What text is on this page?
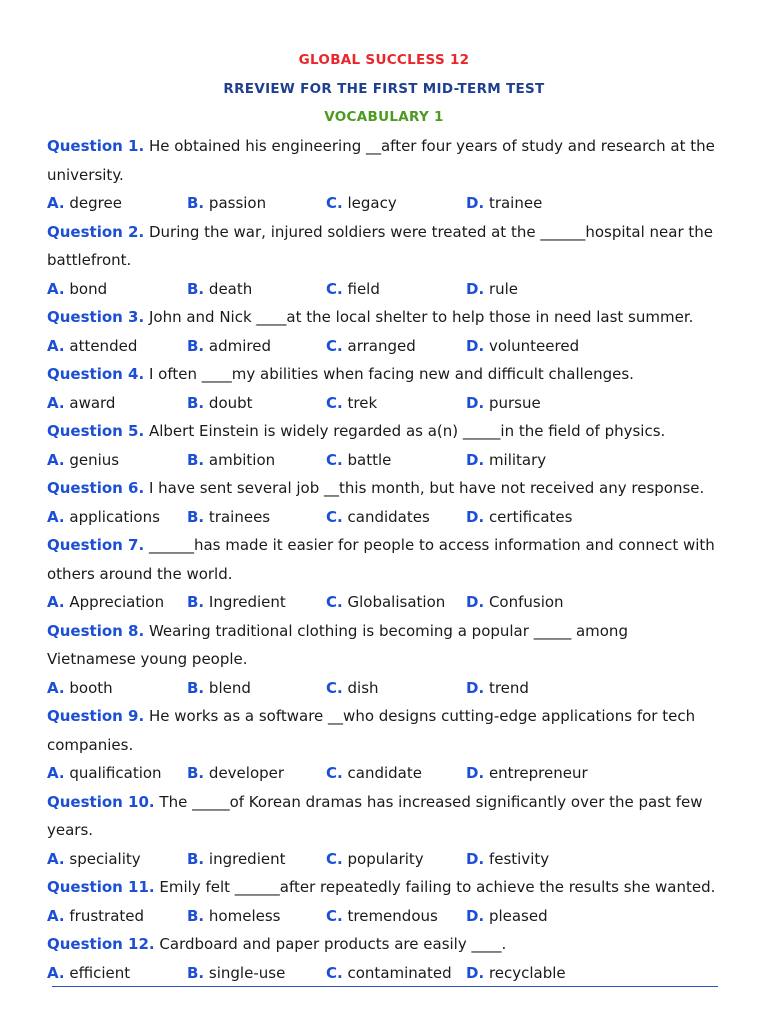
GLOBAL SUCCLESS 12
RREVIEW FOR THE FIRST MID-TERM TEST
VOCABULARY 1
Question 1. He obtained his engineering __after four years of study and research at the
university.
A. degree	B. passion	C. legacy	D. trainee
Question 2. During the war, injured soldiers were treated at the ______hospital near the
battlefront.
A. bond	B. death	C. field	D. rule
Question 3. John and Nick ____at the local shelter to help those in need last summer.
A. attended	B. admired	C. arranged	D. volunteered
Question 4. I often ____my abilities when facing new and difficult challenges.
A. award	B. doubt	C. trek	D. pursue
Question 5. Albert Einstein is widely regarded as a(n) _____in the field of physics.
A. genius	B. ambition	C. battle	D. military
Question 6. I have sent several job __this month, but have not received any response.
A. applications B. trainees	C. candidates D. certificates
Question 7. ______has made it easier for people to access information and connect with
others around the world.
A. Appreciation B. Ingredient	C. Globalisation D. Confusion
Question 8. Wearing traditional clothing is becoming a popular _____ among
Vietnamese young people.
A. booth	B. blend	C. dish	D. trend
Question 9. He works as a software __who designs cutting-edge applications for tech
companies.
A. qualification B. developer	C. candidate	D. entrepreneur
Question 10. The _____of Korean dramas has increased significantly over the past few
years.
A. speciality	B. ingredient	C. popularity	D. festivity
Question 11. Emily felt ______after repeatedly failing to achieve the results she wanted.
A. frustrated	B. homeless	C. tremendous D. pleased
Question 12. Cardboard and paper products are easily ____.
A. efficient	B. single-use	C. contaminated D. recyclable
